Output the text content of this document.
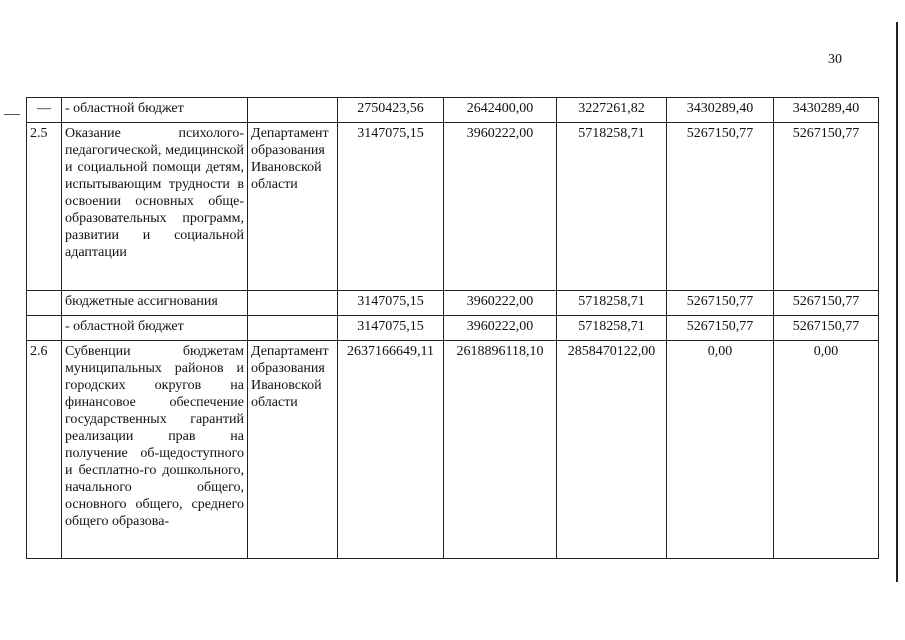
30
—	- областной бюджет		2750423,56	2642400,00	3227261,82	3430289,40	3430289,40
2.5	Оказание психолого-педагогической, медицинской и социальной помощи детям, испытывающим трудности в освоении основных обще-образовательных программ, развитии и социальной адаптации	Департамент образования Ивановской области	3147075,15	3960222,00	5718258,71	5267150,77	5267150,77
	бюджетные ассигнования		3147075,15	3960222,00	5718258,71	5267150,77	5267150,77
	- областной бюджет		3147075,15	3960222,00	5718258,71	5267150,77	5267150,77
2.6	Субвенции бюджетам муниципальных районов и городских округов на финансовое обеспечение государственных гарантий реализации прав на получение об-щедоступного и бесплатно-го дошкольного, начального общего, основного общего, среднего общего образова-	Департамент образования Ивановской области	2637166649,11	2618896118,10	2858470122,00	0,00	0,00
